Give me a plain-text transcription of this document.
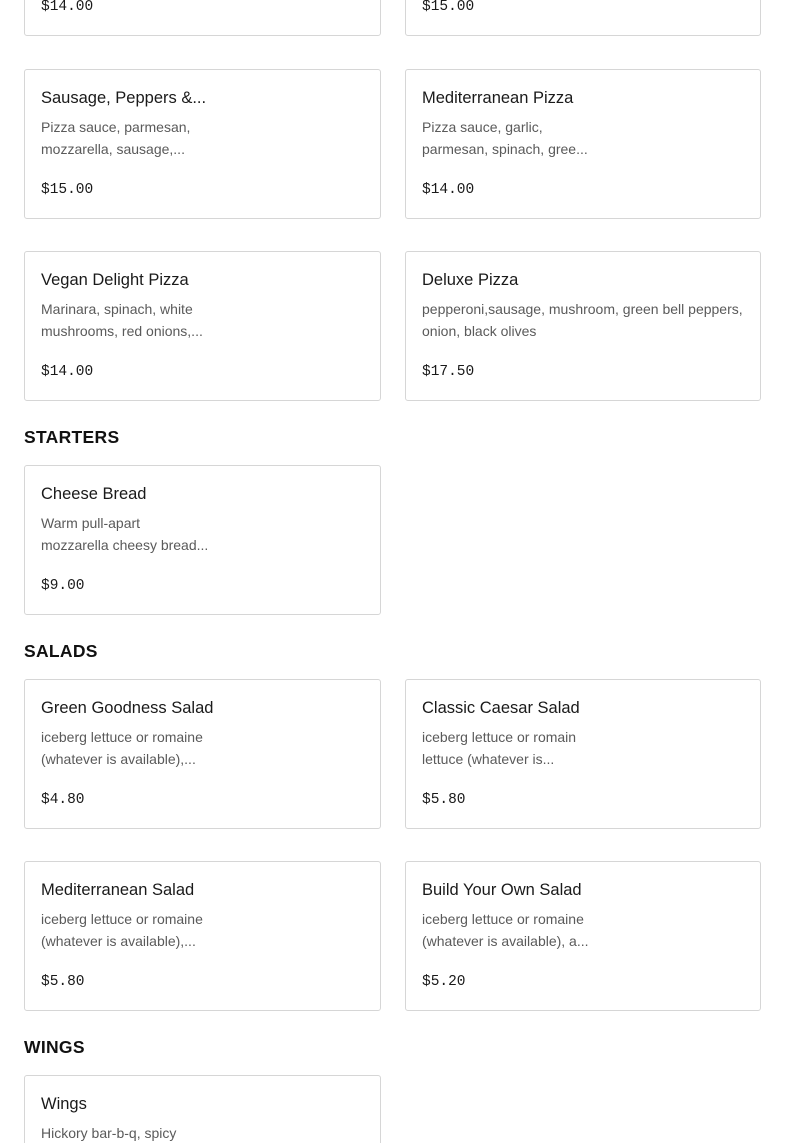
$14.00	$15.00
Sausage, Peppers &...
Pizza sauce, parmesan,
mozzarella, sausage,...
$15.00
Mediterranean Pizza
Pizza sauce, garlic,
parmesan, spinach, gree...
$14.00
Vegan Delight Pizza
Marinara, spinach, white
mushrooms, red onions,...
$14.00
Deluxe Pizza
pepperoni,sausage, mushroom, green bell peppers,
onion, black olives
$17.50
STARTERS
Cheese Bread
Warm pull-apart
mozzarella cheesy bread...
$9.00
SALADS
Green Goodness Salad
iceberg lettuce or romaine
(whatever is available),...
$4.80
Classic Caesar Salad
iceberg lettuce or romain
lettuce (whatever is...
$5.80
Mediterranean Salad
iceberg lettuce or romaine
(whatever is available),...
$5.80
Build Your Own Salad
iceberg lettuce or romaine
(whatever is available), a...
$5.20
WINGS
Wings
Hickory bar-b-q, spicy
